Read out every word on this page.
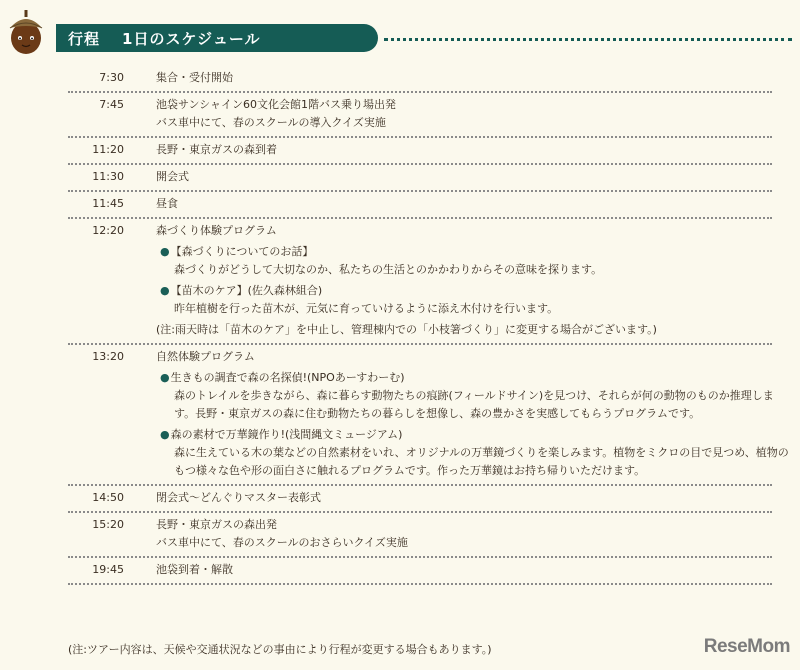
行程 1日のスケジュール
7:30	集合・受付開始
7:45	池袋サンシャイン60文化会館1階バス乗り場出発
バス車中にて、春のスクールの導入クイズ実施
11:20	長野・東京ガスの森到着
11:30	開会式
11:45	昼食
12:20	森づくり体験プログラム
● 【森づくりについてのお話】
森づくりがどうして大切なのか、私たちの生活とのかかわりからその意味を探ります。
● 【苗木のケア】(佐久森林組合)
昨年植樹を行った苗木が、元気に育っていけるように添え木付けを行います。
(注:雨天時は「苗木のケア」を中止し、管理棟内での「小枝箸づくり」に変更する場合がございます。)
13:20	自然体験プログラム
● 生きもの調査で森の名探偵!(NPOあーすわーむ)
森のトレイルを歩きながら、森に暮らす動物たちの痕跡(フィールドサイン)を見つけ、それらが何の動物のものか推理しま
す。長野・東京ガスの森に住む動物たちの暮らしを想像し、森の豊かさを実感してもらうプログラムです。
● 森の素材で万華鏡作り!(浅間縄文ミュージアム)
森に生えている木の葉などの自然素材をいれ、オリジナルの万華鏡づくりを楽しみます。植物をミクロの目で見つめ、植物の
もつ様々な色や形の面白さに触れるプログラムです。作った万華鏡はお持ち帰りいただけます。
14:50	閉会式〜どんぐりマスター表彰式
15:20	長野・東京ガスの森出発
バス車中にて、春のスクールのおさらいクイズ実施
19:45	池袋到着・解散
(注:ツアー内容は、天候や交通状況などの事由により行程が変更する場合もあります。)	ReseMom
